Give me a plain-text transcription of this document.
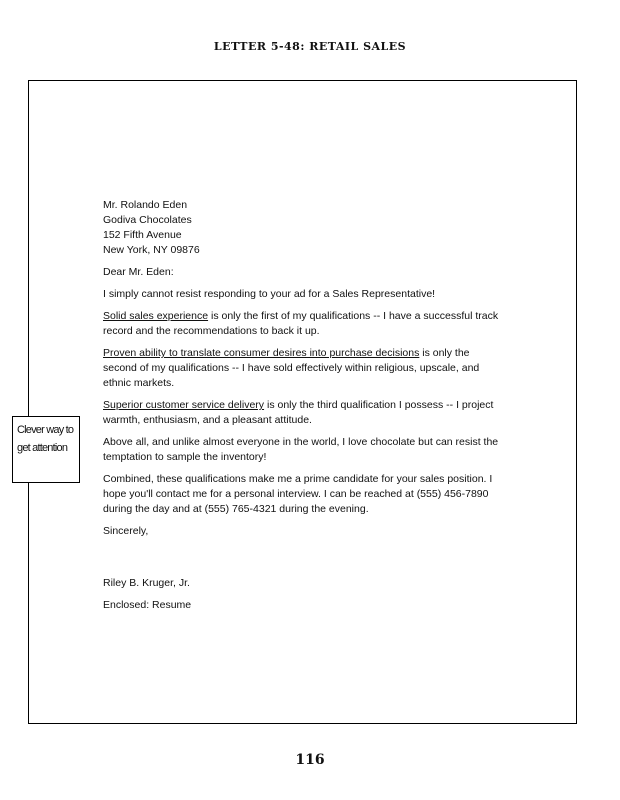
LETTER 5-48: RETAIL SALES
Mr. Rolando Eden
Godiva Chocolates
152 Fifth Avenue
New York, NY 09876

Dear Mr. Eden:

I simply cannot resist responding to your ad for a Sales Representative!

Solid sales experience is only the first of my qualifications -- I have a successful track record and the recommendations to back it up.

Proven ability to translate consumer desires into purchase decisions is only the second of my qualifications -- I have sold effectively within religious, upscale, and ethnic markets.

Superior customer service delivery is only the third qualification I possess -- I project warmth, enthusiasm, and a pleasant attitude.

Above all, and unlike almost everyone in the world, I love chocolate but can resist the temptation to sample the inventory!

Combined, these qualifications make me a prime candidate for your sales position. I hope you'll contact me for a personal interview. I can be reached at (555) 456-7890 during the day and at (555) 765-4321 during the evening.

Sincerely,

Riley B. Kruger, Jr.

Enclosed: Resume

Clever way to get attention
116
